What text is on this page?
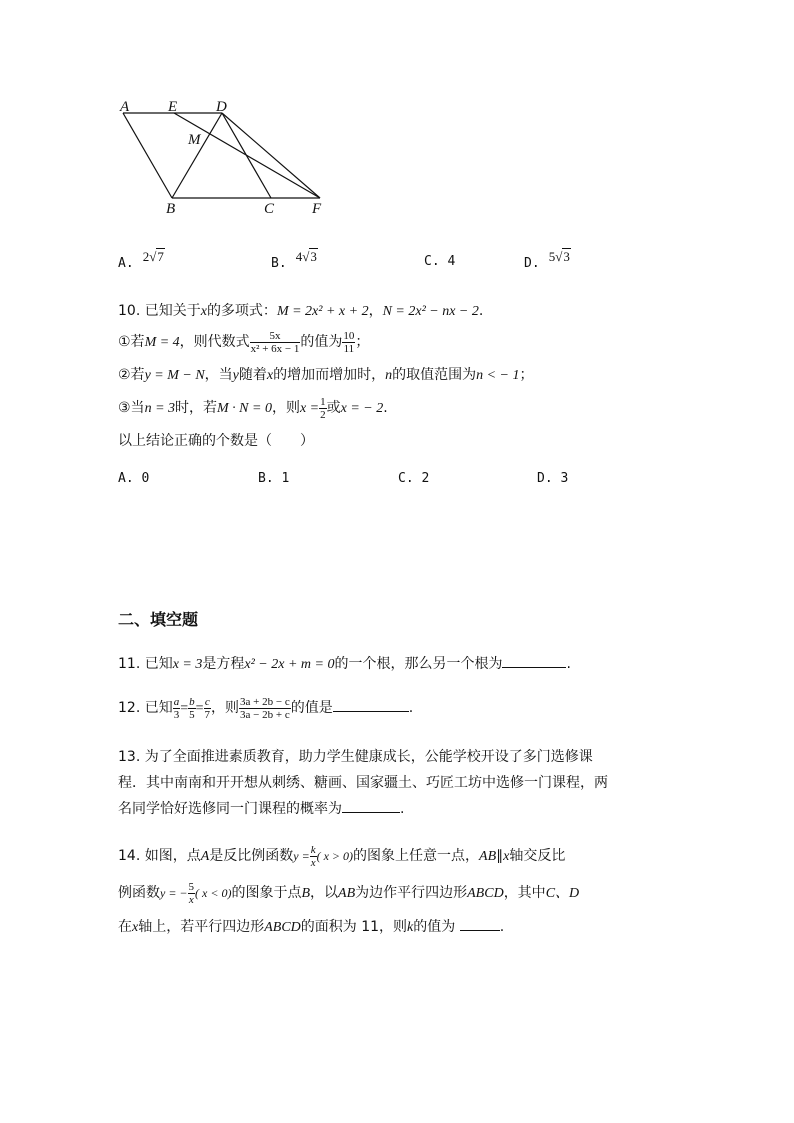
A	E	D
M
B	C	F
A. $^{2√7}$	B. $^{4√3}$	C. 4	D. $^{5√3}$
10. 已知关于x的多项式：M = 2x² + x + 2，N = 2x² − nx − 2.
①若M = 4，则代数式 $\frac{5x}{\text{x² + 6x − 1}}$ 的值为 $\frac{10}{11}$ ；
②若y = M − N，当y随着x的增加而增加时，n的取值范围为n < − 1；
③当n = 3时，若M · N = 0，则$x = \frac{1}{2}$ 或x = − 2.
以上结论正确的个数是（　　）
A. 0	B. 1	C. 2	D. 3
二、填空题
11. 已知x = 3是方程x² − 2x + m = 0的一个根，那么另一个根为	.
12. 已知 $\frac{a}{3} = \frac{b}{5} = \frac{c}{7}$ ，则 $\frac{3a + 2b - c}{3a - 2b + c}$ 的值是	.
13. 为了全面推进素质教育，助力学生健康成长，公能学校开设了多门选修课
程．其中南南和开开想从刺绣、糖画、国家疆土、巧匠工坊中选修一门课程，两
名同学恰好选修同一门课程的概率为	.
14. 如图，点A是反比例函数$y = \frac{k}{x}$ ( x > 0)的图象上任意一点，AB∥x轴交反比
例函数y = − $\frac{5}{x}$ ( x < 0)的图象于点B，以AB为边作平行四边形ABCD，其中C、D
在x轴上，若平行四边形ABCD的面积为 11，则k的值为	.
